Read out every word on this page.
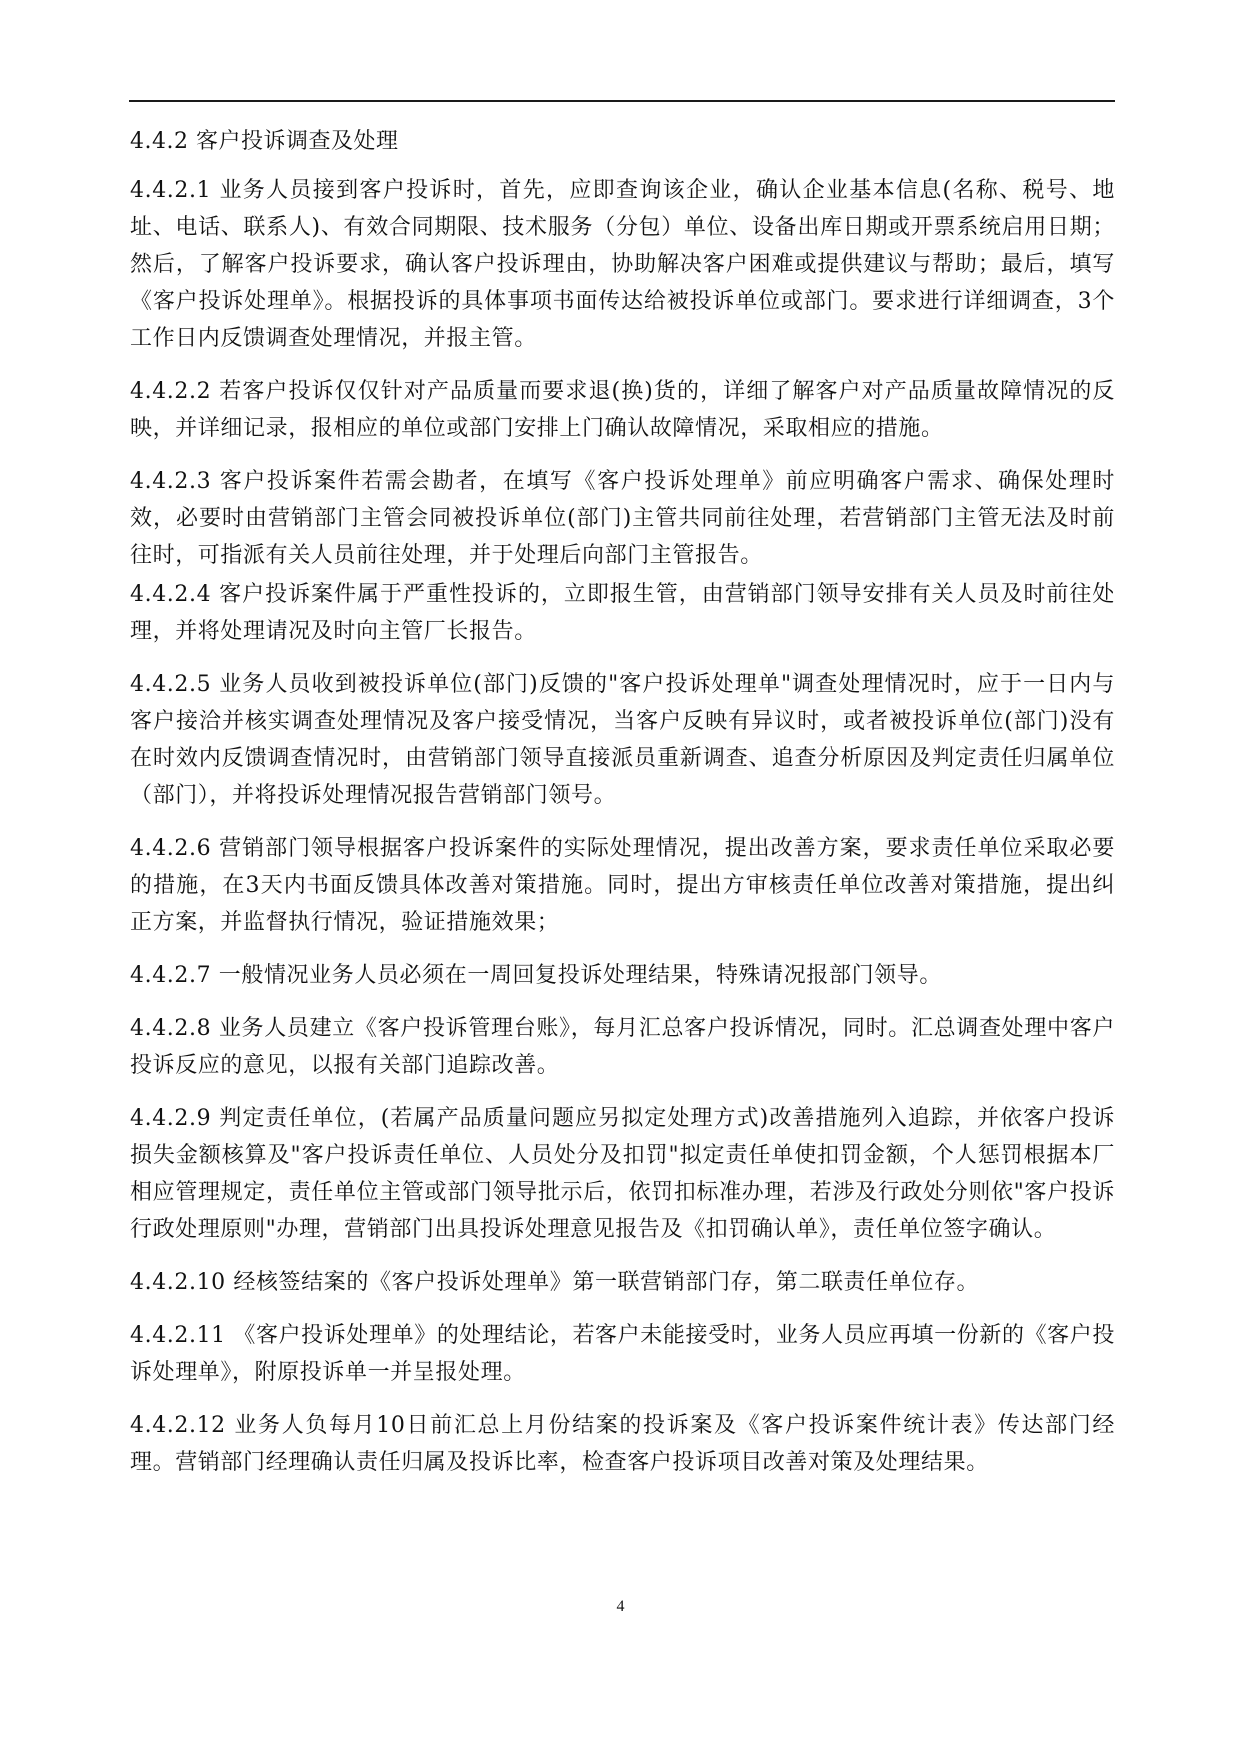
4.4.2 客户投诉调查及处理

4.4.2.1 业务人员接到客户投诉时，首先，应即查询该企业，确认企业基本信息(名称、税号、地址、电话、联系人)、有效合同期限、技术服务（分包）单位、设备出库日期或开票系统启用日期；然后，了解客户投诉要求，确认客户投诉理由，协助解决客户困难或提供建议与帮助；最后，填写《客户投诉处理单》。根据投诉的具体事项书面传达给被投诉单位或部门。要求进行详细调查，3个工作日内反馈调查处理情况，并报主管。

4.4.2.2 若客户投诉仅仅针对产品质量而要求退(换)货的，详细了解客户对产品质量故障情况的反映，并详细记录，报相应的单位或部门安排上门确认故障情况，采取相应的措施。

4.4.2.3 客户投诉案件若需会勘者，在填写《客户投诉处理单》前应明确客户需求、确保处理时效，必要时由营销部门主管会同被投诉单位(部门)主管共同前往处理，若营销部门主管无法及时前往时，可指派有关人员前往处理，并于处理后向部门主管报告。

4.4.2.4 客户投诉案件属于严重性投诉的，立即报生管，由营销部门领导安排有关人员及时前往处理，并将处理请况及时向主管厂长报告。

4.4.2.5 业务人员收到被投诉单位(部门)反馈的"客户投诉处理单"调查处理情况时，应于一日内与客户接洽并核实调查处理情况及客户接受情况，当客户反映有异议时，或者被投诉单位(部门)没有在时效内反馈调查情况时，由营销部门领导直接派员重新调查、追查分析原因及判定责任归属单位（部门），并将投诉处理情况报告营销部门领号。

4.4.2.6 营销部门领导根据客户投诉案件的实际处理情况，提出改善方案，要求责任单位采取必要的措施，在3天内书面反馈具体改善对策措施。同时，提出方审核责任单位改善对策措施，提出纠正方案，并监督执行情况，验证措施效果；

4.4.2.7 一般情况业务人员必须在一周回复投诉处理结果，特殊请况报部门领导。

4.4.2.8 业务人员建立《客户投诉管理台账》，每月汇总客户投诉情况，同时。汇总调查处理中客户投诉反应的意见，以报有关部门追踪改善。

4.4.2.9 判定责任单位，(若属产品质量问题应另拟定处理方式)改善措施列入追踪，并依客户投诉损失金额核算及"客户投诉责任单位、人员处分及扣罚"拟定责任单使扣罚金额，个人惩罚根据本厂相应管理规定，责任单位主管或部门领导批示后，依罚扣标准办理，若涉及行政处分则依"客户投诉行政处理原则"办理，营销部门出具投诉处理意见报告及《扣罚确认单》，责任单位签字确认。

4.4.2.10 经核签结案的《客户投诉处理单》第一联营销部门存，第二联责任单位存。

4.4.2.11 《客户投诉处理单》的处理结论，若客户未能接受时，业务人员应再填一份新的《客户投诉处理单》，附原投诉单一并呈报处理。

4.4.2.12 业务人负每月10日前汇总上月份结案的投诉案及《客户投诉案件统计表》传达部门经理。营销部门经理确认责任归属及投诉比率，检查客户投诉项目改善对策及处理结果。

4
